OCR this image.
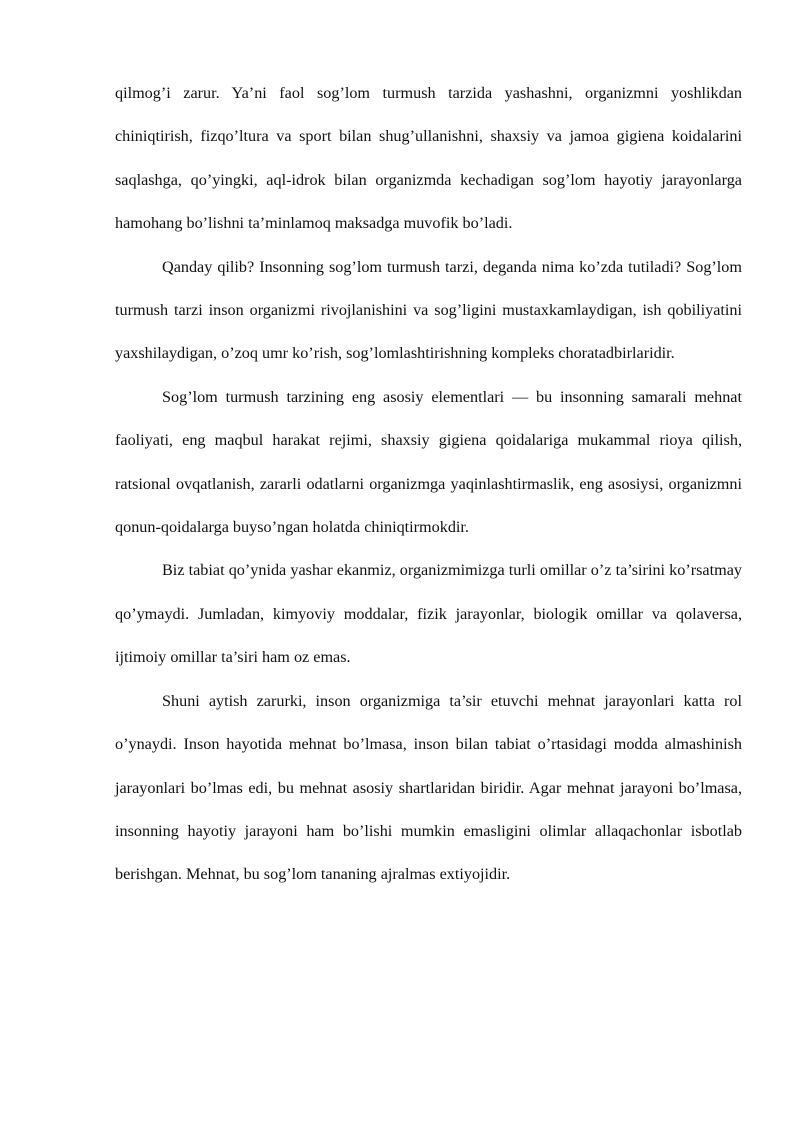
qilmog’i zarur. Ya’ni faol sog’lom turmush tarzida yashashni, organizmni yoshlikdan chiniqtirish, fizqo’ltura va sport bilan shug’ullanishni, shaxsiy va jamoa gigiena koidalarini saqlashga, qo’yingki, aql-idrok bilan organizmda kechadigan sog’lom hayotiy jarayonlarga hamohang bo’lishni ta’minlamoq maksadga muvofik bo’ladi.

Qanday qilib? Insonning sog’lom turmush tarzi, deganda nima ko’zda tutiladi? Sog’lom turmush tarzi inson organizmi rivojlanishini va sog’ligini mustaxkamlaydigan, ish qobiliyatini yaxshilaydigan, o’zoq umr ko’rish, sog’lomlashtirishning kompleks choratadbirlaridir.

Sog’lom turmush tarzining eng asosiy elementlari — bu insonning samarali mehnat faoliyati, eng maqbul harakat rejimi, shaxsiy gigiena qoidalariga mukammal rioya qilish, ratsional ovqatlanish, zararli odatlarni organizmga yaqinlashtirmaslik, eng asosiysi, organizmni qonun-qoidalarga buyso’ngan holatda chiniqtirmokdir.

Biz tabiat qo’ynida yashar ekanmiz, organizmimizga turli omillar o’z ta’sirini ko’rsatmay qo’ymaydi. Jumladan, kimyoviy moddalar, fizik jarayonlar, biologik omillar va qolaversa, ijtimoiy omillar ta’siri ham oz emas.

Shuni aytish zarurki, inson organizmiga ta’sir etuvchi mehnat jarayonlari katta rol o’ynaydi. Inson hayotida mehnat bo’lmasa, inson bilan tabiat o’rtasidagi modda almashinish jarayonlari bo’lmas edi, bu mehnat asosiy shartlaridan biridir. Agar mehnat jarayoni bo’lmasa, insonning hayotiy jarayoni ham bo’lishi mumkin emasligini olimlar allaqachonlar isbotlab berishgan. Mehnat, bu sog’lom tananing ajralmas extiyojidir.
